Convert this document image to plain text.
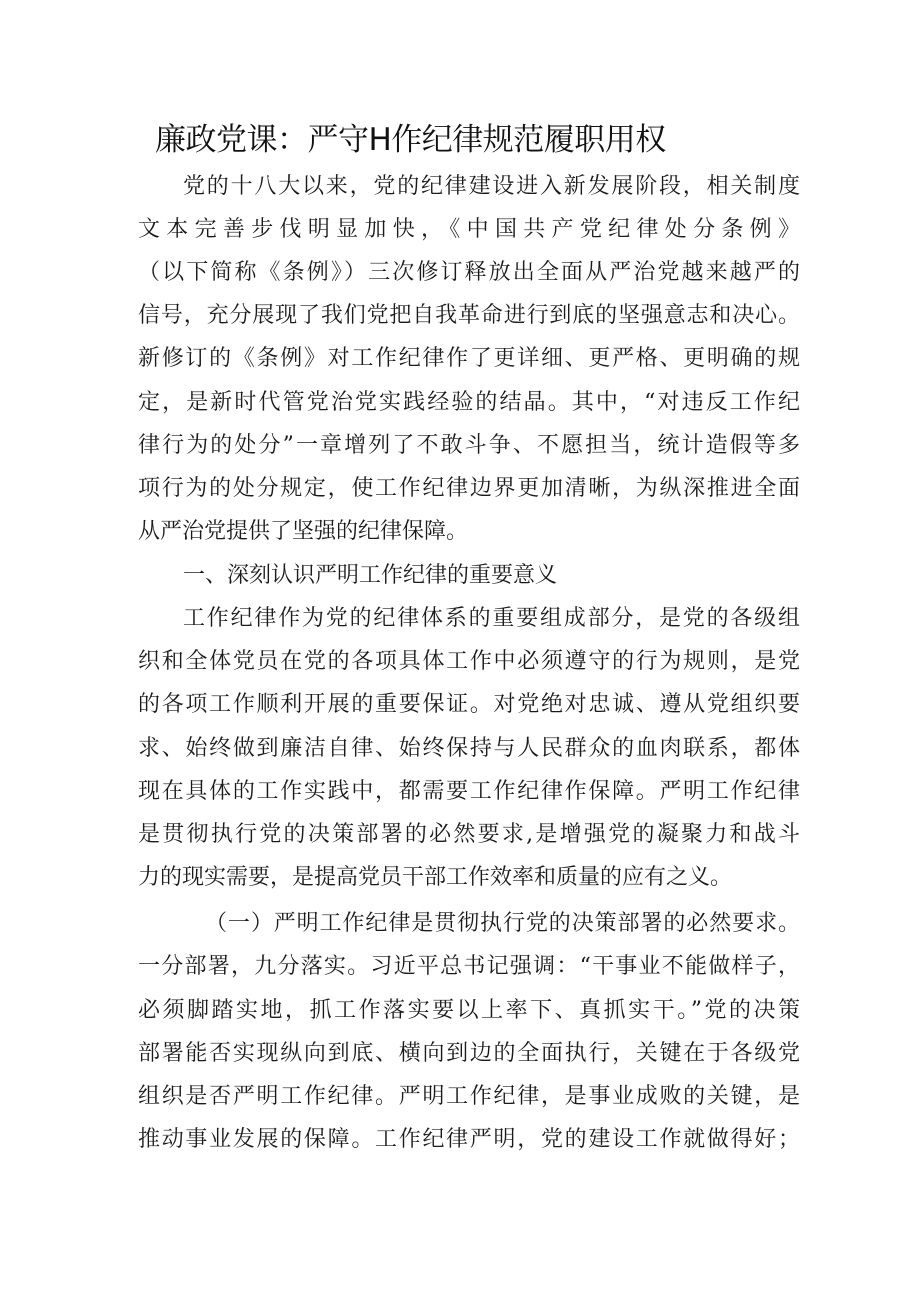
廉政党课：严守H作纪律规范履职用权
党的十八大以来，党的纪律建设进入新发展阶段，相关制度
文本完善步伐明显加快，《中国共产党纪律处分条例》
（以下简称《条例》）三次修订释放出全面从严治党越来越严的
信号，充分展现了我们党把自我革命进行到底的坚强意志和决心。
新修订的《条例》对工作纪律作了更详细、更严格、更明确的规
定，是新时代管党治党实践经验的结晶。其中，“对违反工作纪
律行为的处分”一章增列了不敢斗争、不愿担当，统计造假等多
项行为的处分规定，使工作纪律边界更加清晰，为纵深推进全面
从严治党提供了坚强的纪律保障。
一、深刻认识严明工作纪律的重要意义
工作纪律作为党的纪律体系的重要组成部分，是党的各级组
织和全体党员在党的各项具体工作中必须遵守的行为规则，是党
的各项工作顺利开展的重要保证。对党绝对忠诚、遵从党组织要
求、始终做到廉洁自律、始终保持与人民群众的血肉联系，都体
现在具体的工作实践中，都需要工作纪律作保障。严明工作纪律
是贯彻执行党的决策部署的必然要求,是增强党的凝聚力和战斗
力的现实需要，是提高党员干部工作效率和质量的应有之义。
（一）严明工作纪律是贯彻执行党的决策部署的必然要求。
一分部署，九分落实。习近平总书记强调：“干事业不能做样子，
必须脚踏实地，抓工作落实要以上率下、真抓实干。”党的决策
部署能否实现纵向到底、横向到边的全面执行，关键在于各级党
组织是否严明工作纪律。严明工作纪律，是事业成败的关键，是
推动事业发展的保障。工作纪律严明，党的建设工作就做得好；
